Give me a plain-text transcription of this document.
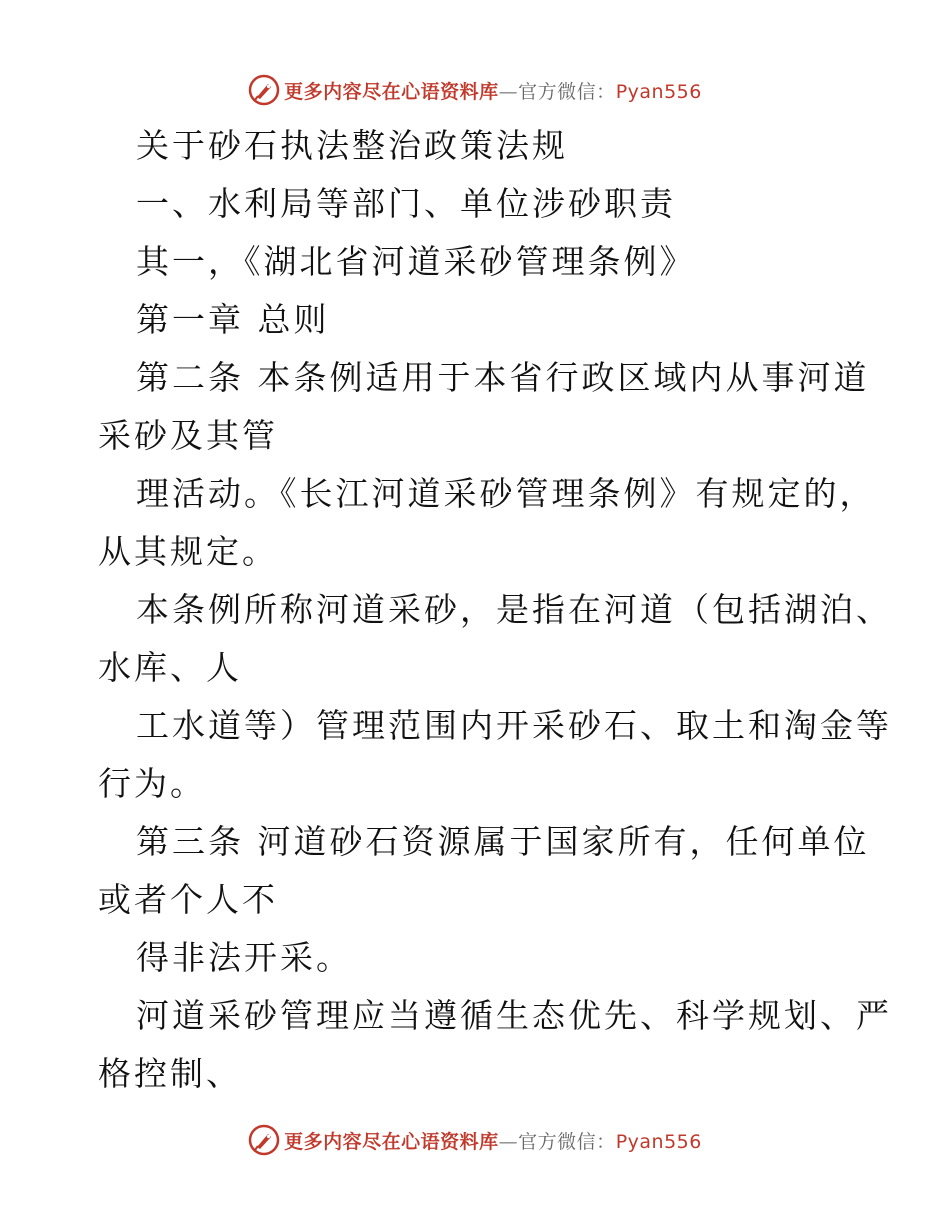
更多内容尽在心语资料库—官方微信：Pyan556
关于砂石执法整治政策法规
一、水利局等部门、单位涉砂职责
其一，《湖北省河道采砂管理条例》
第一章 总则
第二条 本条例适用于本省行政区域内从事河道
采砂及其管
理活动。《长江河道采砂管理条例》有规定的，
从其规定。
本条例所称河道采砂，是指在河道（包括湖泊、
水库、人
工水道等）管理范围内开采砂石、取土和淘金等
行为。
第三条 河道砂石资源属于国家所有，任何单位
或者个人不
得非法开采。
河道采砂管理应当遵循生态优先、科学规划、严
格控制、
更多内容尽在心语资料库—官方微信：Pyan556
